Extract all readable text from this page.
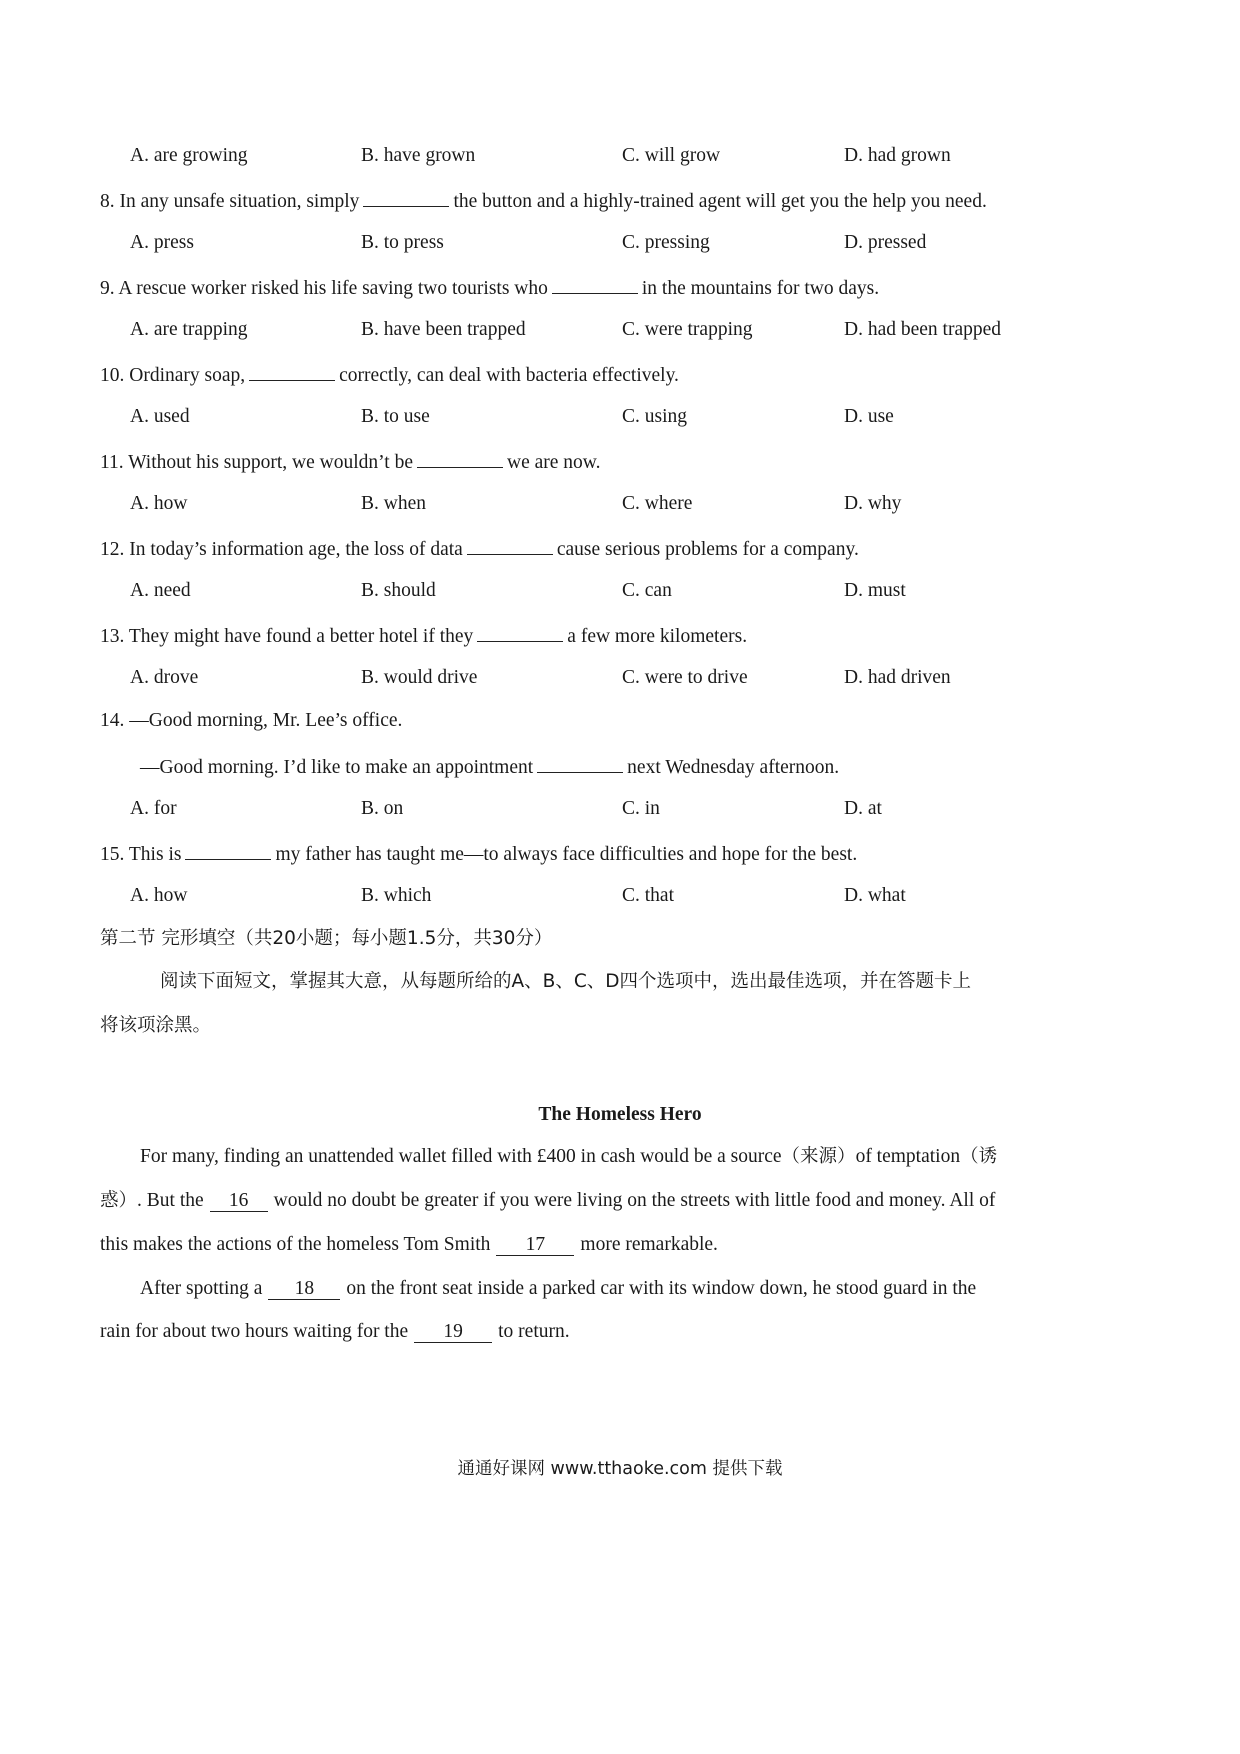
A. are growing	B. have grown	C. will grow	D. had grown
8. In any unsafe situation, simply	the button and a highly-trained agent will get you the help you need.
A. press	B. to press	C. pressing	D. pressed
9. A rescue worker risked his life saving two tourists who	in the mountains for two days.
A. are trapping	B. have been trapped	C. were trapping	D. had been trapped
10. Ordinary soap,	correctly, can deal with bacteria effectively.
A. used	B. to use	C. using	D. use
11. Without his support, we wouldn’t be	we are now.
A. how	B. when	C. where	D. why
12. In today’s information age, the loss of data	cause serious problems for a company.
A. need	B. should	C. can	D. must
13. They might have found a better hotel if they	a few more kilometers.
A. drove	B. would drive	C. were to drive	D. had driven
14. —Good morning, Mr. Lee’s office.
—Good morning. I’d like to make an appointment	next Wednesday afternoon.
A. for	B. on	C. in	D. at
15. This is	my father has taught me—to always face difficulties and hope for the best.
A. how	B. which	C. that	D. what
第二节 完形填空（共20小题；每小题1.5分，共30分）
阅读下面短文，掌握其大意，从每题所给的A、B、C、D四个选项中，选出最佳选项，并在答题卡上
将该项涂黑。
The Homeless Hero
For many, finding an unattended wallet filled with £400 in cash would be a source（来源）of temptation（诱
惑）. But the 16 would no doubt be greater if you were living on the streets with little food and money. All of
this makes the actions of the homeless Tom Smith 17 more remarkable.
After spotting a 18 on the front seat inside a parked car with its window down, he stood guard in the
rain for about two hours waiting for the 19 to return.
通通好课网 www.tthaoke.com 提供下载
